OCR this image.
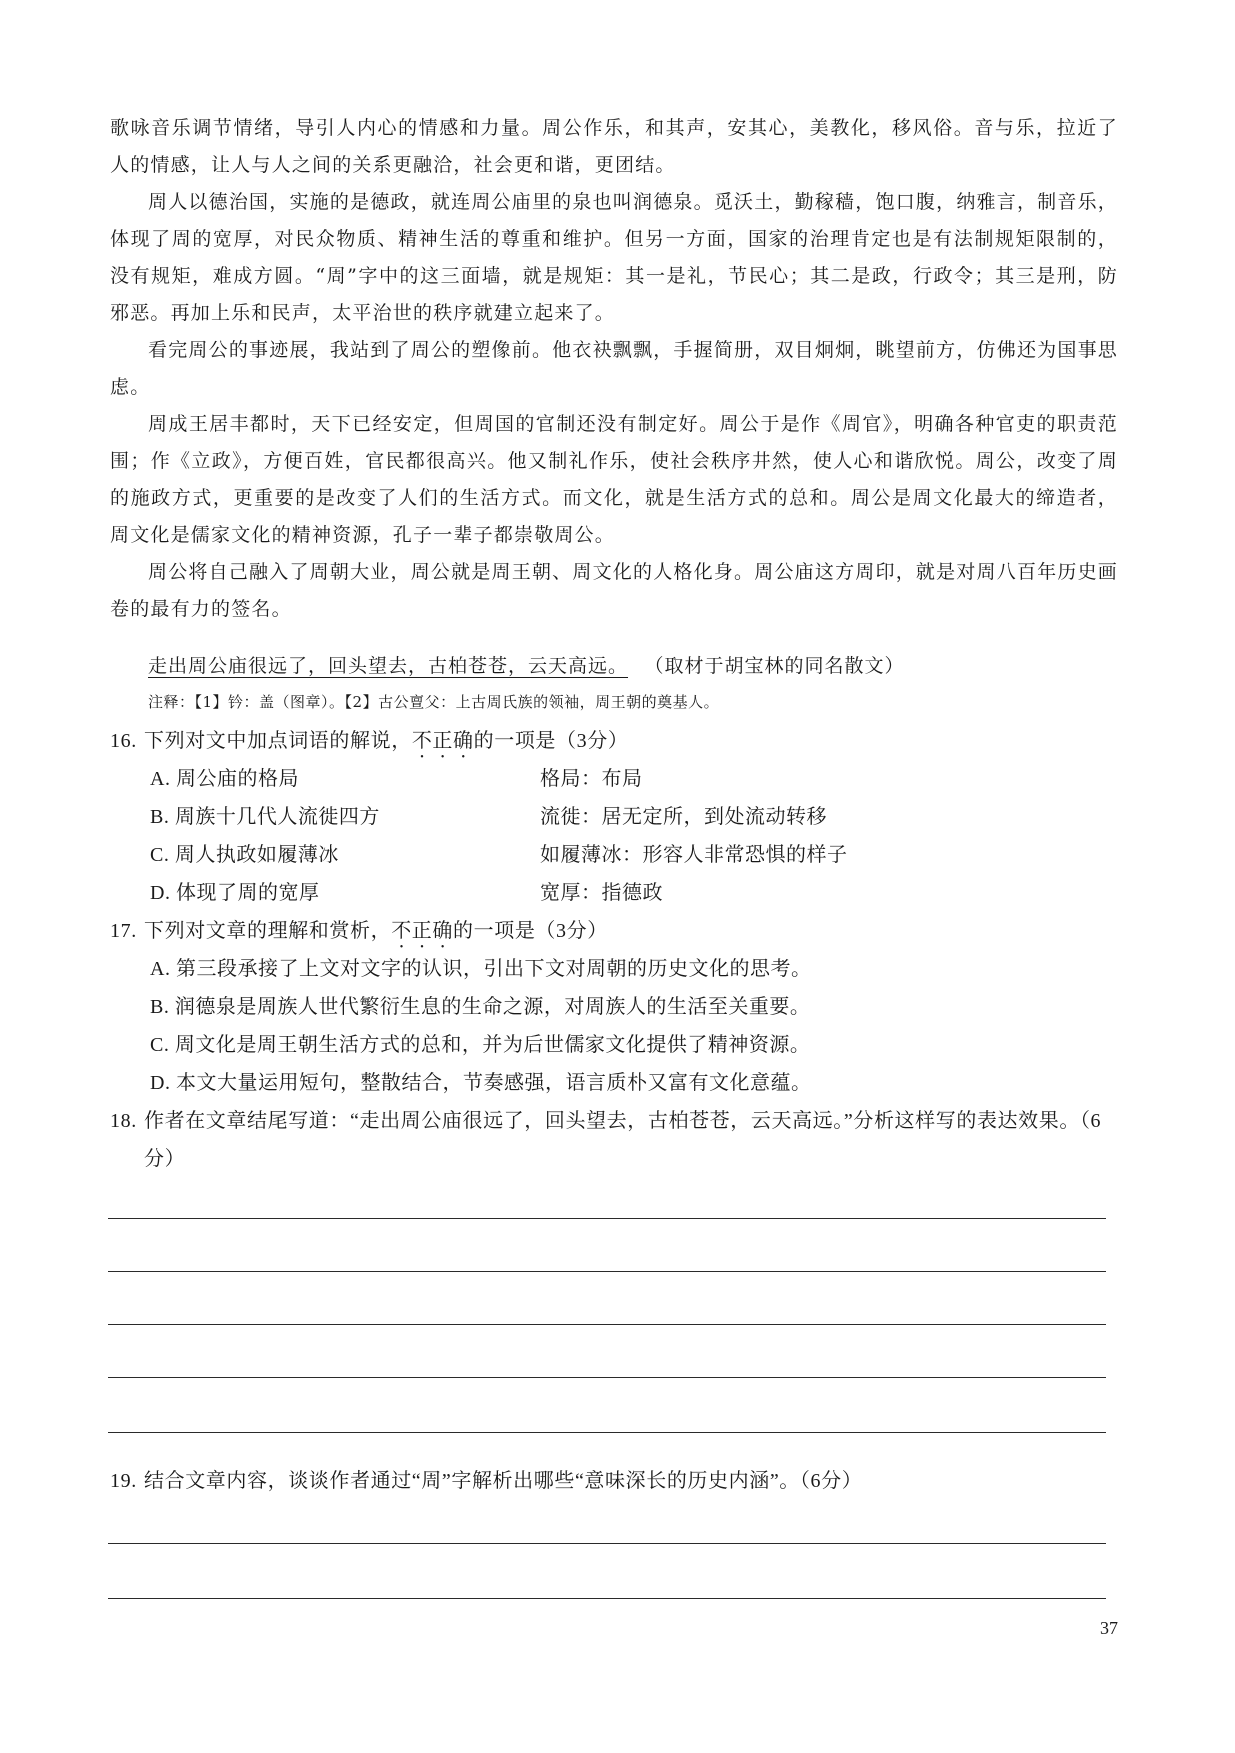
歌咏音乐调节情绪，导引人内心的情感和力量。周公作乐，和其声，安其心，美教化，移风俗。音与乐，拉近了人的情感，让人与人之间的关系更融洽，社会更和谐，更团结。

周人以德治国，实施的是德政，就连周公庙里的泉也叫润德泉。觅沃土，勤稼穑，饱口腹，纳雅言，制音乐，体现了周的宽厚，对民众物质、精神生活的尊重和维护。但另一方面，国家的治理肯定也是有法制规矩限制的，没有规矩，难成方圆。“周”字中的这三面墙，就是规矩：其一是礼，节民心；其二是政，行政令；其三是刑，防邪恶。再加上乐和民声，太平治世的秩序就建立起来了。

看完周公的事迹展，我站到了周公的塑像前。他衣袂飘飘，手握简册，双目炯炯，眺望前方，仿佛还为国事思虑。

周成王居丰都时，天下已经安定，但周国的官制还没有制定好。周公于是作《周官》，明确各种官吏的职责范围；作《立政》，方便百姓，官民都很高兴。他又制礼作乐，使社会秩序井然，使人心和谐欣悦。周公，改变了周的施政方式，更重要的是改变了人们的生活方式。而文化，就是生活方式的总和。周公是周文化最大的缔造者，周文化是儒家文化的精神资源，孔子一辈子都崇敬周公。

周公将自己融入了周朝大业，周公就是周王朝、周文化的人格化身。周公庙这方周印，就是对周八百年历史画卷的最有力的签名。

走出周公庙很远了，回头望去，古柏苍苍，云天高远。 （取材于胡宝林的同名散文）
注释：【1】钤：盖（图章）。【2】古公亶父：上古周氏族的领袖，周王朝的奠基人。
16. 下列对文中加点词语的解说，不正确的一项是（3分）
A. 周公庙的格局	格局：布局
B. 周族十几代人流徙四方	流徙：居无定所，到处流动转移
C. 周人执政如履薄冰	如履薄冰：形容人非常恐惧的样子
D. 体现了周的宽厚	宽厚：指德政
17. 下列对文章的理解和赏析，不正确的一项是（3分）
A. 第三段承接了上文对文字的认识，引出下文对周朝的历史文化的思考。
B. 润德泉是周族人世代繁衍生息的生命之源，对周族人的生活至关重要。
C. 周文化是周王朝生活方式的总和，并为后世儒家文化提供了精神资源。
D. 本文大量运用短句，整散结合，节奏感强，语言质朴又富有文化意蕴。
18. 作者在文章结尾写道：“走出周公庙很远了，回头望去，古柏苍苍，云天高远。”分析这样写的表达效果。（6分）
19. 结合文章内容，谈谈作者通过“周”字解析出哪些“意味深长的历史内涵”。（6分）
37
